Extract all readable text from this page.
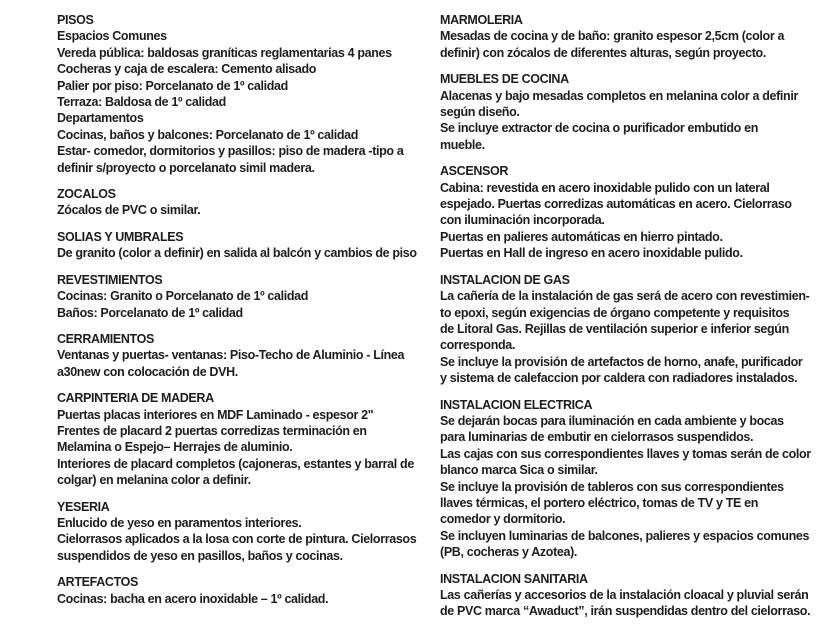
PISOS
Espacios Comunes
Vereda pública: baldosas graníticas reglamentarias 4 panes
Cocheras y caja de escalera: Cemento alisado
Palier por piso: Porcelanato de 1º calidad
Terraza: Baldosa de 1º calidad
Departamentos
Cocinas, baños y balcones: Porcelanato de 1º calidad
Estar- comedor, dormitorios y pasillos: piso de madera -tipo a
definir s/proyecto o porcelanato simil madera.
ZOCALOS
Zócalos de PVC o similar.
SOLIAS Y UMBRALES
De granito (color a definir) en salida al balcón y cambios de piso
REVESTIMIENTOS
Cocinas: Granito o Porcelanato de 1º calidad
Baños: Porcelanato de 1º calidad
CERRAMIENTOS
Ventanas y puertas- ventanas: Piso-Techo de Aluminio - Línea
a30new con colocación de DVH.
CARPINTERIA DE MADERA
Puertas placas interiores en MDF Laminado - espesor 2"
Frentes de placard 2 puertas corredizas terminación en
Melamina o Espejo– Herrajes de aluminio.
Interiores de placard completos (cajoneras, estantes y barral de
colgar) en melanina color a definir.
YESERIA
Enlucido de yeso en paramentos interiores.
Cielorrasos aplicados a la losa con corte de pintura. Cielorrasos
suspendidos de yeso en pasillos, baños y cocinas.
ARTEFACTOS
Cocinas: bacha en acero inoxidable – 1º calidad.
MARMOLERIA
Mesadas de cocina y de baño: granito espesor 2,5cm (color a
definir) con zócalos de diferentes alturas, según proyecto.
MUEBLES DE COCINA
Alacenas y bajo mesadas completos en melanina color a definir
según diseño.
Se incluye extractor de cocina o purificador embutido en
mueble.
ASCENSOR
Cabina: revestida en acero inoxidable pulido con un lateral
espejado. Puertas corredizas automáticas en acero. Cielorraso
con iluminación incorporada.
Puertas en palieres automáticas en hierro pintado.
Puertas en Hall de ingreso en acero inoxidable pulido.
INSTALACION DE GAS
La cañería de la instalación de gas será de acero con revestimien-
to epoxi, según exigencias de órgano competente y requisitos
de Litoral Gas. Rejillas de ventilación superior e inferior según
corresponda.
Se incluye la provisión de artefactos de horno, anafe, purificador
y sistema de calefaccion por caldera con radiadores instalados.
INSTALACION ELECTRICA
Se dejarán bocas para iluminación en cada ambiente y bocas
para luminarias de embutir en cielorrasos suspendidos.
Las cajas con sus correspondientes llaves y tomas serán de color
blanco marca Sica o similar.
Se incluye la provisión de tableros con sus correspondientes
llaves térmicas, el portero eléctrico, tomas de TV y TE en
comedor y dormitorio.
Se incluyen luminarias de balcones, palieres y espacios comunes
(PB, cocheras y Azotea).
INSTALACION SANITARIA
Las cañerías y accesorios de la instalación cloacal y pluvial serán
de PVC marca “Awaduct”, irán suspendidas dentro del cielorraso.
